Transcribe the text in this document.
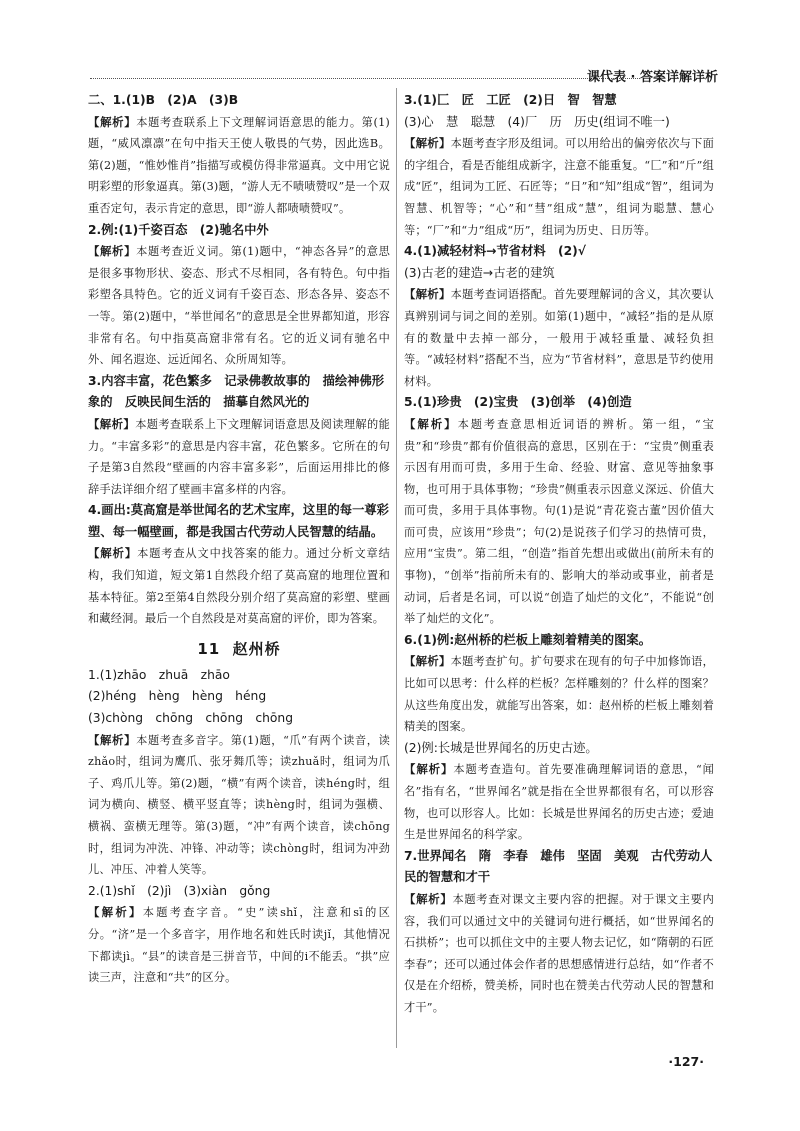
课代表 · 答案详解详析

二、1.(1)B　(2)A　(3)B

【解析】本题考查联系上下文理解词语意思的能力。第(1)题，“威风凛凛”在句中指天王使人敬畏的气势，因此选B。第(2)题，“惟妙惟肖”指描写或模仿得非常逼真。文中用它说明彩塑的形象逼真。第(3)题，“游人无不啧啧赞叹”是一个双重否定句，表示肯定的意思，即“游人都啧啧赞叹”。

2.例:(1)千姿百态　(2)驰名中外

【解析】本题考查近义词。第(1)题中，“神态各异”的意思是很多事物形状、姿态、形式不尽相同，各有特色。句中指彩塑各具特色。它的近义词有千姿百态、形态各异、姿态不一等。第(2)题中，“举世闻名”的意思是全世界都知道，形容非常有名。句中指莫高窟非常有名。它的近义词有驰名中外、闻名遐迩、远近闻名、众所周知等。

3.内容丰富，花色繁多　记录佛教故事的　描绘神佛形象的　反映民间生活的　描摹自然风光的

【解析】本题考查联系上下文理解词语意思及阅读理解的能力。“丰富多彩”的意思是内容丰富，花色繁多。它所在的句子是第3自然段“壁画的内容丰富多彩”，后面运用排比的修辞手法详细介绍了壁画丰富多样的内容。

4.画出:莫高窟是举世闻名的艺术宝库，这里的每一尊彩塑、每一幅壁画，都是我国古代劳动人民智慧的结晶。

【解析】本题考查从文中找答案的能力。通过分析文章结构，我们知道，短文第1自然段介绍了莫高窟的地理位置和基本特征。第2至第4自然段分别介绍了莫高窟的彩塑、壁画和藏经洞。最后一个自然段是对莫高窟的评价，即为答案。

11 赵州桥

1.(1)zhāo　zhuā　zhāo

(2)héng　hèng　hèng　héng

(3)chòng　chōng　chōng　chōng

【解析】本题考查多音字。第(1)题，“爪”有两个读音，读zhǎo时，组词为鹰爪、张牙舞爪等；读zhuǎ时，组词为爪子、鸡爪儿等。第(2)题，“横”有两个读音，读héng时，组词为横向、横竖、横平竖直等；读hèng时，组词为强横、横祸、蛮横无理等。第(3)题，“冲”有两个读音，读chōng时，组词为冲洗、冲锋、冲动等；读chòng时，组词为冲劲儿、冲压、冲着人笑等。

2.(1)shǐ　(2)jì　(3)xiàn　gǒng

【解析】本题考查字音。“史”读shǐ，注意和sī的区分。“济”是一个多音字，用作地名和姓氏时读jǐ，其他情况下都读jì。“县”的读音是三拼音节，中间的i不能丢。“拱”应读三声，注意和“共”的区分。

3.(1)匚　匠　工匠　(2)日　智　智慧

(3)心　慧　聪慧　(4)厂　历　历史(组词不唯一)

【解析】本题考查字形及组词。可以用给出的偏旁依次与下面的字组合，看是否能组成新字，注意不能重复。“匚”和“斤”组成“匠”，组词为工匠、石匠等；“日”和“知”组成“智”，组词为智慧、机智等；“心”和“彗”组成“慧”，组词为聪慧、慧心等；“厂”和“力”组成“历”，组词为历史、日历等。

4.(1)减轻材料→节省材料　(2)√

(3)古老的建造→古老的建筑

【解析】本题考查词语搭配。首先要理解词的含义，其次要认真辨别词与词之间的差别。如第(1)题中，“减轻”指的是从原有的数量中去掉一部分，一般用于减轻重量、减轻负担等。“减轻材料”搭配不当，应为“节省材料”，意思是节约使用材料。

5.(1)珍贵　(2)宝贵　(3)创举　(4)创造

【解析】本题考查意思相近词语的辨析。第一组，“宝贵”和“珍贵”都有价值很高的意思，区别在于：“宝贵”侧重表示因有用而可贵，多用于生命、经验、财富、意见等抽象事物，也可用于具体事物；“珍贵”侧重表示因意义深远、价值大而可贵，多用于具体事物。句(1)是说“青花瓷古董”因价值大而可贵，应该用“珍贵”；句(2)是说孩子们学习的热情可贵，应用“宝贵”。第二组，“创造”指首先想出或做出(前所未有的事物)，“创举”指前所未有的、影响大的举动或事业，前者是动词，后者是名词，可以说“创造了灿烂的文化”，不能说“创举了灿烂的文化”。

6.(1)例:赵州桥的栏板上雕刻着精美的图案。

【解析】本题考查扩句。扩句要求在现有的句子中加修饰语，比如可以思考：什么样的栏板？怎样雕刻的？什么样的图案？从这些角度出发，就能写出答案，如：赵州桥的栏板上雕刻着精美的图案。

(2)例:长城是世界闻名的历史古迹。

【解析】本题考查造句。首先要准确理解词语的意思，“闻名”指有名，“世界闻名”就是指在全世界都很有名，可以形容物，也可以形容人。比如：长城是世界闻名的历史古迹；爱迪生是世界闻名的科学家。

7.世界闻名　隋　李春　雄伟　坚固　美观　古代劳动人民的智慧和才干

【解析】本题考查对课文主要内容的把握。对于课文主要内容，我们可以通过文中的关键词句进行概括，如“世界闻名的石拱桥”；也可以抓住文中的主要人物去记忆，如“隋朝的石匠李春”；还可以通过体会作者的思想感情进行总结，如“作者不仅是在介绍桥，赞美桥，同时也在赞美古代劳动人民的智慧和才干”。

·127·
